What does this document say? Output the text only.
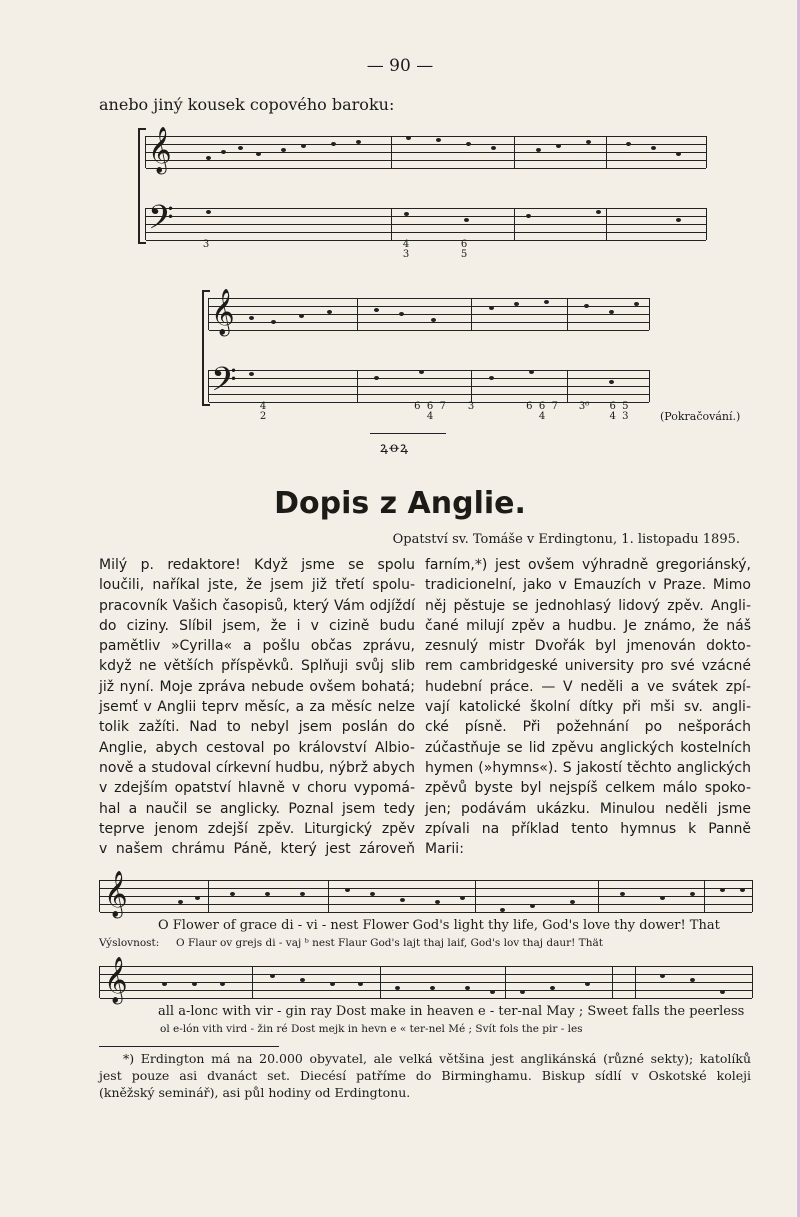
— 90 —
anebo jiný kousek copového baroku:
𝄞
𝄢	3	4
3
6
5
𝄞
𝄢	4
2
6  6  7
4
3	6  6  7
4
3⁶	6  5
4  3	(Pokračování.)
ꝝꝋꝝ
Dopis z Anglie.
Opatství sv. Tomáše v Erdingtonu, 1. listopadu 1895.
Milý p. redaktore! Když jsme se spolu
loučili, naříkal jste, že jsem již třetí spolu-
pracovník Vašich časopisů, který Vám odjíždí
do ciziny. Slíbil jsem, že i v cizině budu
pamětliv »Cyrilla« a pošlu občas zprávu,
když ne větších příspěvků. Splňuji svůj slib
již nyní. Moje zpráva nebude ovšem bohatá;
jsemť v Anglii teprv měsíc, a za měsíc nelze
tolik zažíti. Nad to nebyl jsem poslán do
Anglie, abych cestoval po království Albio-
nově a studoval církevní hudbu, nýbrž abych
v zdejším opatství hlavně v choru vypomá-
hal a naučil se anglicky. Poznal jsem tedy
teprve jenom zdejší zpěv. Liturgický zpěv
v našem chrámu Páně, který jest zároveň
farním,*) jest ovšem výhradně gregoriánský,
tradicionelní, jako v Emauzích v Praze. Mimo
něj pěstuje se jednohlasý lidový zpěv. Angli-
čané milují zpěv a hudbu. Je známo, že náš
zesnulý mistr Dvořák byl jmenován dokto-
rem cambridgeské university pro své vzácné
hudební práce. — V neděli a ve svátek zpí-
vají katolické školní dítky při mši sv. angli-
cké písně. Při požehnání po nešporách
zúčastňuje se lid zpěvu anglických kostelních
hymen (»hymns«). S jakostí těchto anglických
zpěvů byste byl nejspíš celkem málo spoko-
jen; podávám ukázku. Minulou neděli jsme
zpívali na příklad tento hymnus k Panně
Marii:
𝄞
O Flower of grace di - vi - nest Flower God's light thy life, God's love thy dower! That
Výslovnost: O Flaur ov grejs di - vaj ᵇ nest Flaur God's lajt thaj laif, God's lov thaj daur! Thät
𝄞
all a-lonc with vir - gin ray Dost make in heaven e - ter-nal May ; Sweet falls the peerless
ol e-lón vith vird - žin ré Dost mejk in hevn e « ter-nel Mé ; Svít fols the pir - les
*) Erdington má na 20.000 obyvatel, ale velká většina jest anglikánská (různé sekty); katolíků
jest pouze asi dvanáct set. Diecésí patříme do Birminghamu. Biskup sídlí v Oskotské koleji
(kněžský seminář), asi půl hodiny od Erdingtonu.
